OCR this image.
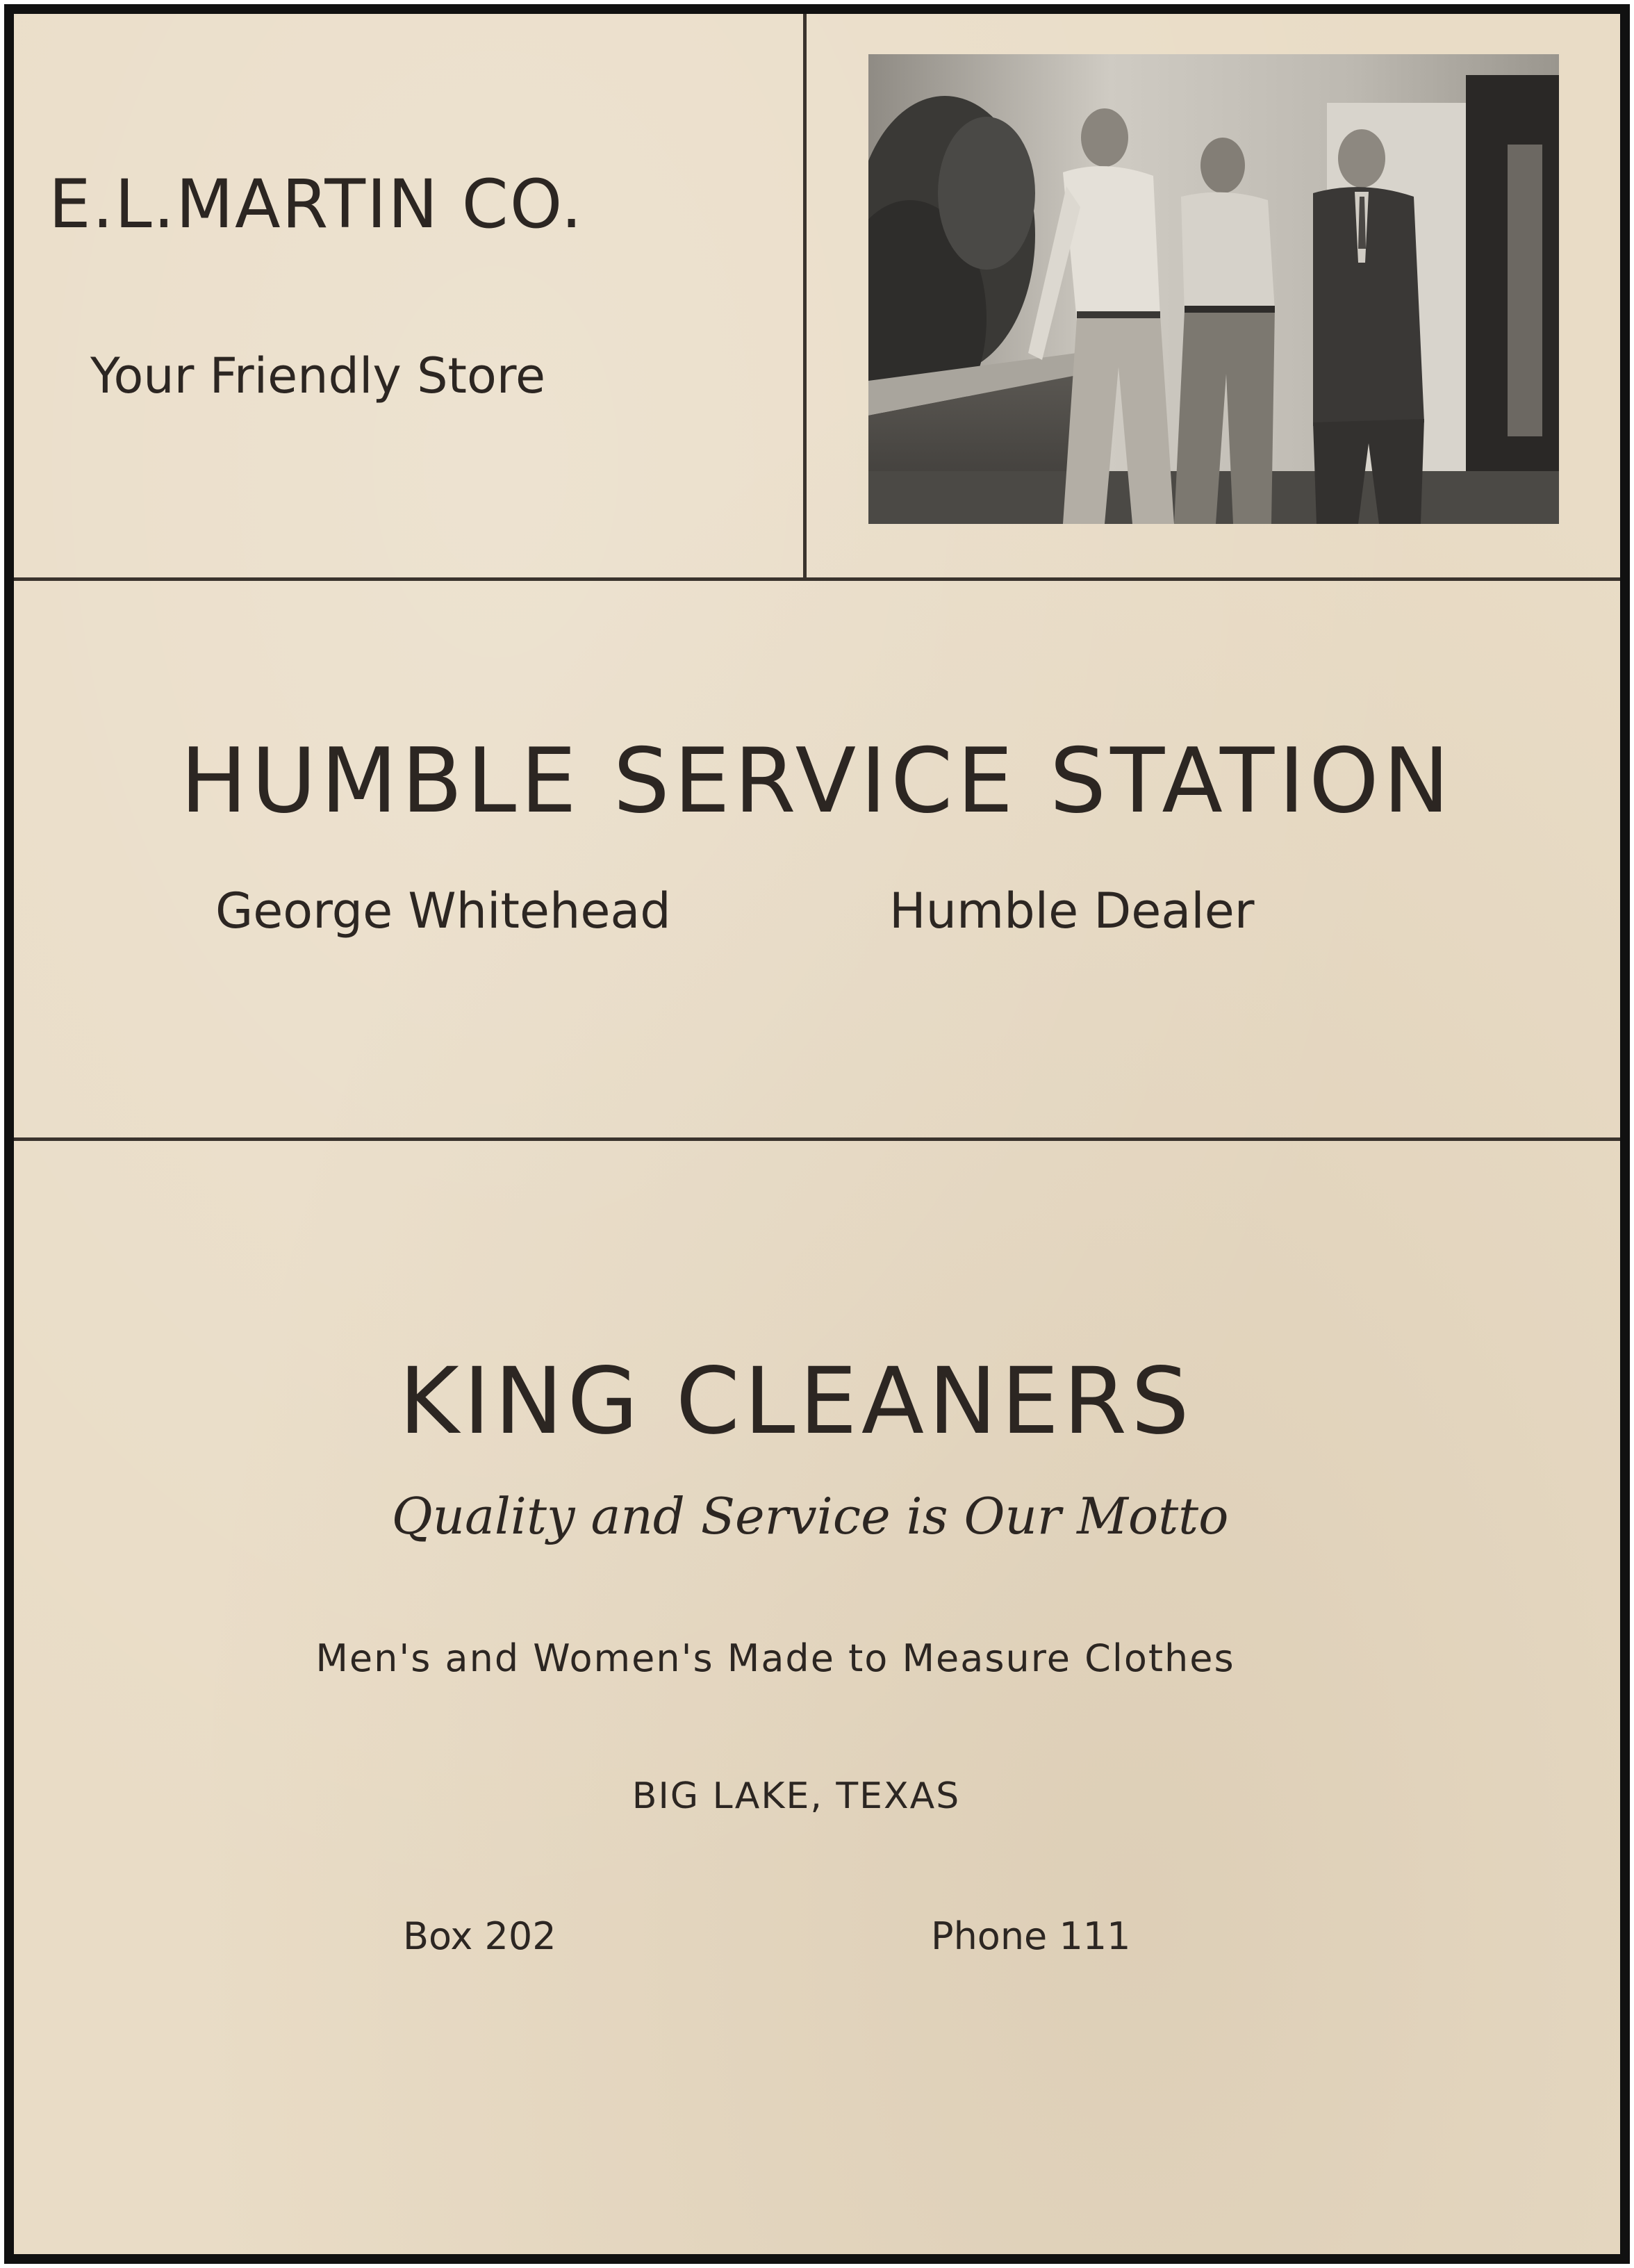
E.L.MARTIN CO.
Your Friendly Store
HUMBLE SERVICE STATION
George Whitehead	Humble Dealer
KING CLEANERS
Quality and Service is Our Motto
Men's and Women's Made to Measure Clothes
BIG LAKE, TEXAS
Box 202	Phone 111
